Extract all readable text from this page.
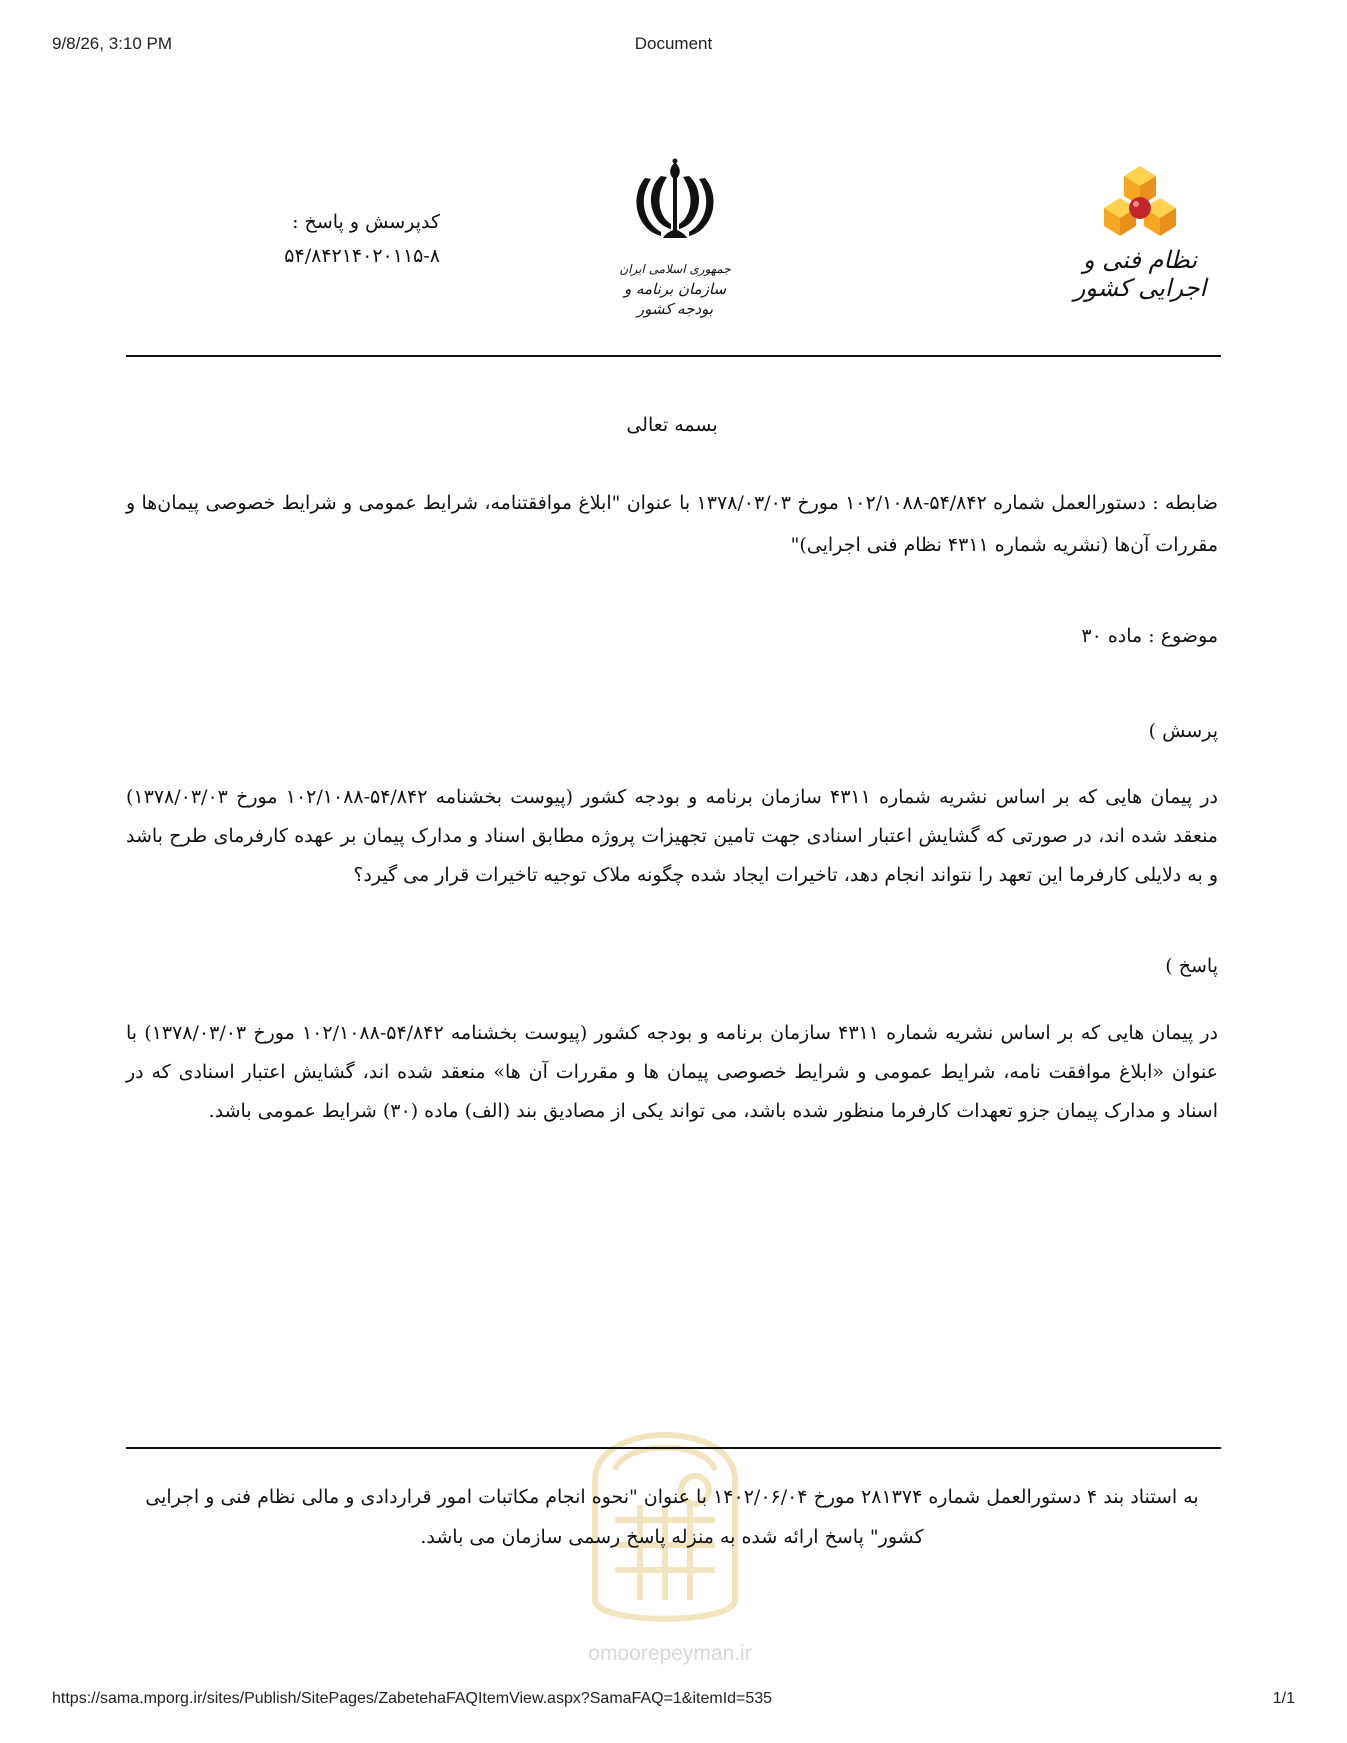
9/8/26, 3:10 PM	Document
کدپرسش و پاسخ :
۵۴/۸۴۲۱۴۰۲۰۱۱۵-۸
جمهوری اسلامی ایران
سازمان برنامه و بودجه کشور
نظام فنی و اجرایی کشور
بسمه تعالی
ضابطه : دستورالعمل شماره ۵۴/۸۴۲-۱۰۲/۱۰۸۸ مورخ ۱۳۷۸/۰۳/۰۳ با عنوان "ابلاغ موافقتنامه، شرایط عمومی و شرایط خصوصی پیمان‌ها و مقررات آن‌ها (نشریه شماره ۴۳۱۱ نظام فنی اجرایی)"
موضوع : ماده ۳۰
پرسش )
در پیمان هایی که بر اساس نشریه شماره ۴۳۱۱ سازمان برنامه و بودجه کشور (پیوست بخشنامه ۵۴/۸۴۲-۱۰۲/۱۰۸۸ مورخ ۱۳۷۸/۰۳/۰۳) منعقد شده اند، در صورتی که گشایش اعتبار اسنادی جهت تامین تجهیزات پروژه مطابق اسناد و مدارک پیمان بر عهده کارفرمای طرح باشد و به دلایلی کارفرما این تعهد را نتواند انجام دهد، تاخیرات ایجاد شده چگونه ملاک توجیه تاخیرات قرار می گیرد؟
پاسخ )
در پیمان هایی که بر اساس نشریه شماره ۴۳۱۱ سازمان برنامه و بودجه کشور (پیوست بخشنامه ۵۴/۸۴۲-۱۰۲/۱۰۸۸ مورخ ۱۳۷۸/۰۳/۰۳) با عنوان «ابلاغ موافقت نامه، شرایط عمومی و شرایط خصوصی پیمان ها و مقررات آن ها» منعقد شده اند، گشایش اعتبار اسنادی که در اسناد و مدارک پیمان جزو تعهدات کارفرما منظور شده باشد، می تواند یکی از مصادیق بند (الف) ماده (۳۰) شرایط عمومی باشد.
omoorepeyman.ir
به استناد بند ۴ دستورالعمل شماره ۲۸۱۳۷۴ مورخ ۱۴۰۲/۰۶/۰۴ با عنوان "نحوه انجام مکاتبات امور قراردادی و مالی نظام فنی و اجرایی کشور" پاسخ ارائه شده به منزله پاسخ رسمی سازمان می باشد.
https://sama.mporg.ir/sites/Publish/SitePages/ZabetehaFAQItemView.aspx?SamaFAQ=1&itemId=535	1/1
